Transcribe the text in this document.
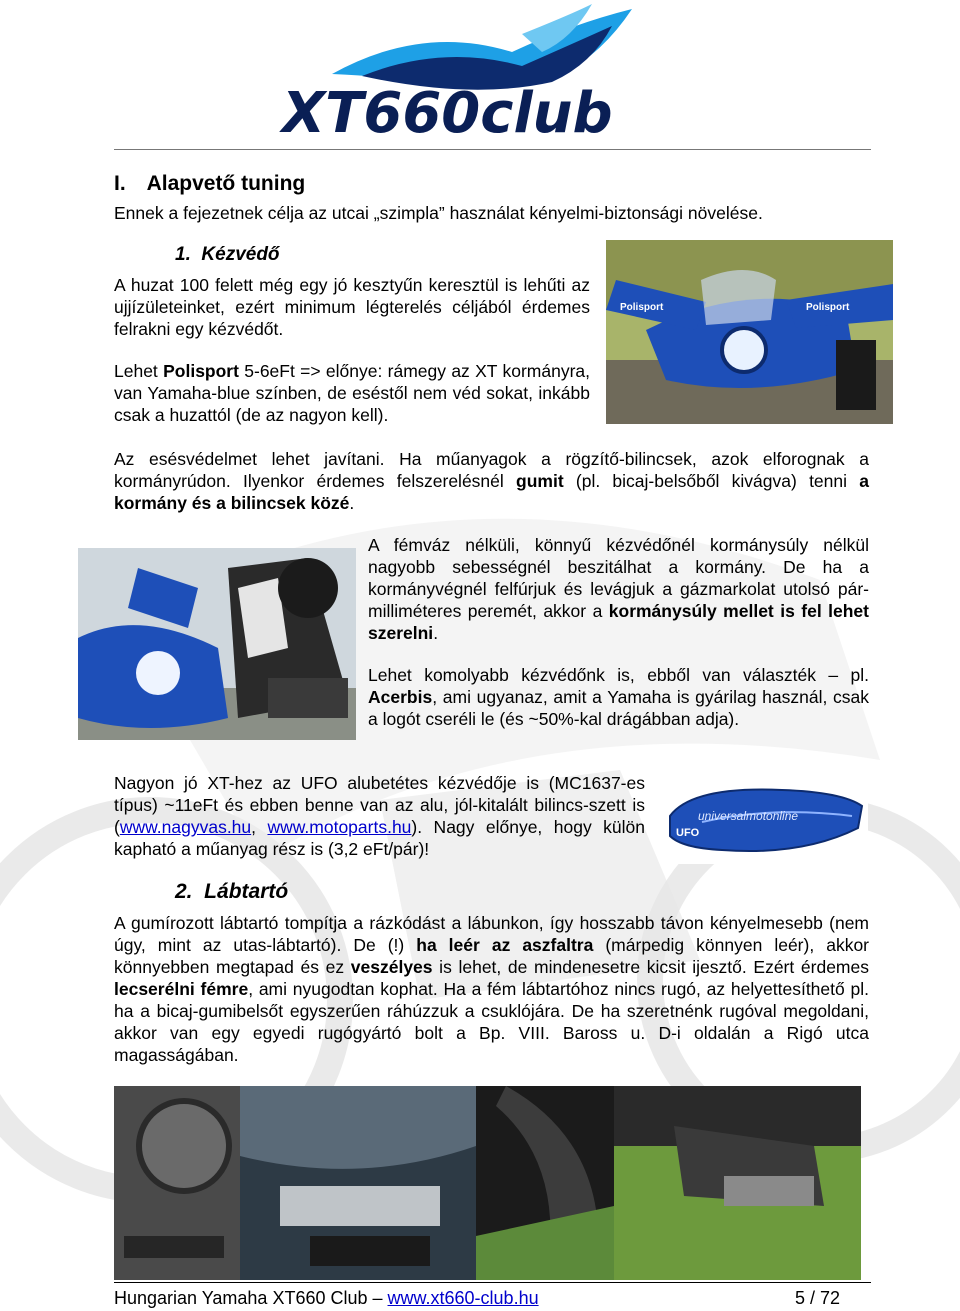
XT660club
I. Alapvető tuning
Ennek a fejezetnek célja az utcai „szimpla” használat kényelmi-biztonsági növelése.
1.  Kézvédő
A huzat 100 felett még egy jó kesztyűn keresztül is lehűti az ujjízületeinket, ezért minimum légterelés céljából érdemes felrakni egy kézvédőt.
Lehet Polisport 5-6eFt => előnye: rámegy az XT kormányra, van Yamaha-blue színben, de eséstől nem véd sokat, inkább csak a huzattól (de az nagyon kell).
Polisport	Polisport
Az esésvédelmet lehet javítani. Ha műanyagok a rögzítő-bilincsek, azok elforognak a kormányrúdon. Ilyenkor érdemes felszerelésnél gumit (pl. bicaj-belsőből kivágva) tenni a kormány és a bilincsek közé.
A fémváz nélküli, könnyű kézvédőnél kormánysúly nélkül nagyobb sebességnél beszitálhat a kormány. De ha a kormányvégnél felfúrjuk és levágjuk a gázmarkolat utolsó pár-milliméteres peremét, akkor a kormánysúly mellet is fel lehet szerelni.
Lehet komolyabb kézvédőnk is, ebből van választék – pl. Acerbis, ami ugyanaz, amit a Yamaha is gyárilag használ, csak a logót cseréli le (és ~50%-kal drágábban adja).
Nagyon jó XT-hez az UFO alubetétes kézvédője is (MC1637-es típus) ~11eFt és ebben benne van az alu, jól-kitalált bilincs-szett is (www.nagyvas.hu, www.motoparts.hu). Nagy előnye, hogy külön kapható a műanyag rész is (3,2 eFt/pár)!
universalmotonline
UFO
2.  Lábtartó
A gumírozott lábtartó tompítja a rázkódást a lábunkon, így hosszabb távon kényelmesebb (nem úgy, mint az utas-lábtartó). De (!) ha leér az aszfaltra (márpedig könnyen leér), akkor könnyebben megtapad és ez veszélyes is lehet, de mindenesetre kicsit ijesztő. Ezért érdemes lecserélni fémre, ami nyugodtan kophat. Ha a fém lábtartóhoz nincs rugó, az helyettesíthető pl. ha a bicaj-gumibelsőt egyszerűen ráhúzzuk a csuklójára. De ha szeretnénk rugóval megoldani, akkor van egy egyedi rugógyártó bolt a Bp. VIII. Baross u. D-i oldalán a Rigó utca magasságában.
Hungarian Yamaha XT660 Club – www.xt660-club.hu	5 / 72
